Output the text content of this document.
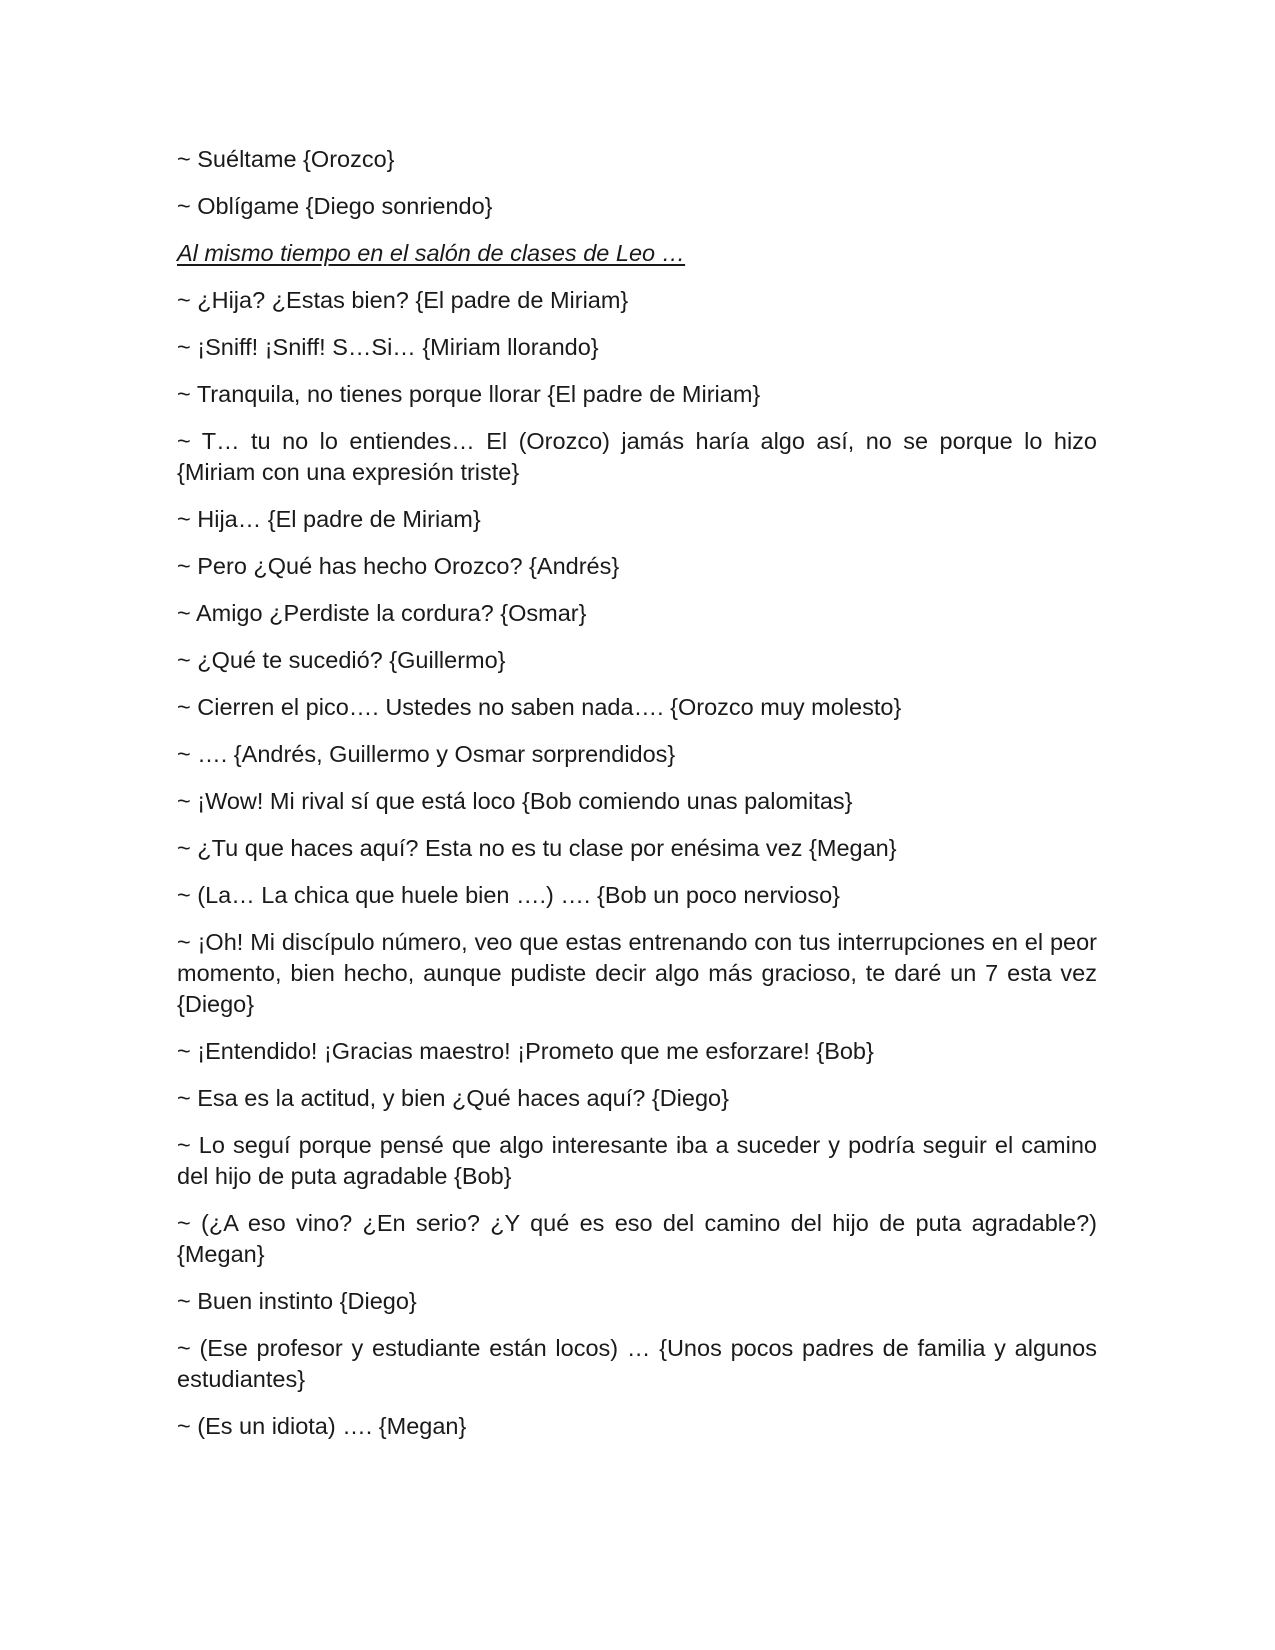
~ Suéltame {Orozco}

~ Oblígame {Diego sonriendo}

Al mismo tiempo en el salón de clases de Leo …

~ ¿Hija? ¿Estas bien? {El padre de Miriam}

~ ¡Sniff! ¡Sniff! S…Si… {Miriam llorando}

~ Tranquila, no tienes porque llorar {El padre de Miriam}

~ T… tu no lo entiendes… El (Orozco) jamás haría algo así, no se porque lo hizo {Miriam con una expresión triste}

~ Hija… {El padre de Miriam}

~ Pero ¿Qué has hecho Orozco? {Andrés}

~ Amigo ¿Perdiste la cordura? {Osmar}

~ ¿Qué te sucedió? {Guillermo}

~ Cierren el pico…. Ustedes no saben nada…. {Orozco muy molesto}

~ …. {Andrés, Guillermo y Osmar sorprendidos}

~ ¡Wow! Mi rival sí que está loco {Bob comiendo unas palomitas}

~ ¿Tu que haces aquí? Esta no es tu clase por enésima vez {Megan}

~ (La… La chica que huele bien ….) …. {Bob un poco nervioso}

~ ¡Oh! Mi discípulo número, veo que estas entrenando con tus interrupciones en el peor momento, bien hecho, aunque pudiste decir algo más gracioso, te daré un 7 esta vez {Diego}

~ ¡Entendido! ¡Gracias maestro! ¡Prometo que me esforzare! {Bob}

~ Esa es la actitud, y bien ¿Qué haces aquí? {Diego}

~ Lo seguí porque pensé que algo interesante iba a suceder y podría seguir el camino del hijo de puta agradable {Bob}

~ (¿A eso vino? ¿En serio? ¿Y qué es eso del camino del hijo de puta agradable?) {Megan}

~ Buen instinto {Diego}

~ (Ese profesor y estudiante están locos) … {Unos pocos padres de familia y algunos estudiantes}

~ (Es un idiota) …. {Megan}
